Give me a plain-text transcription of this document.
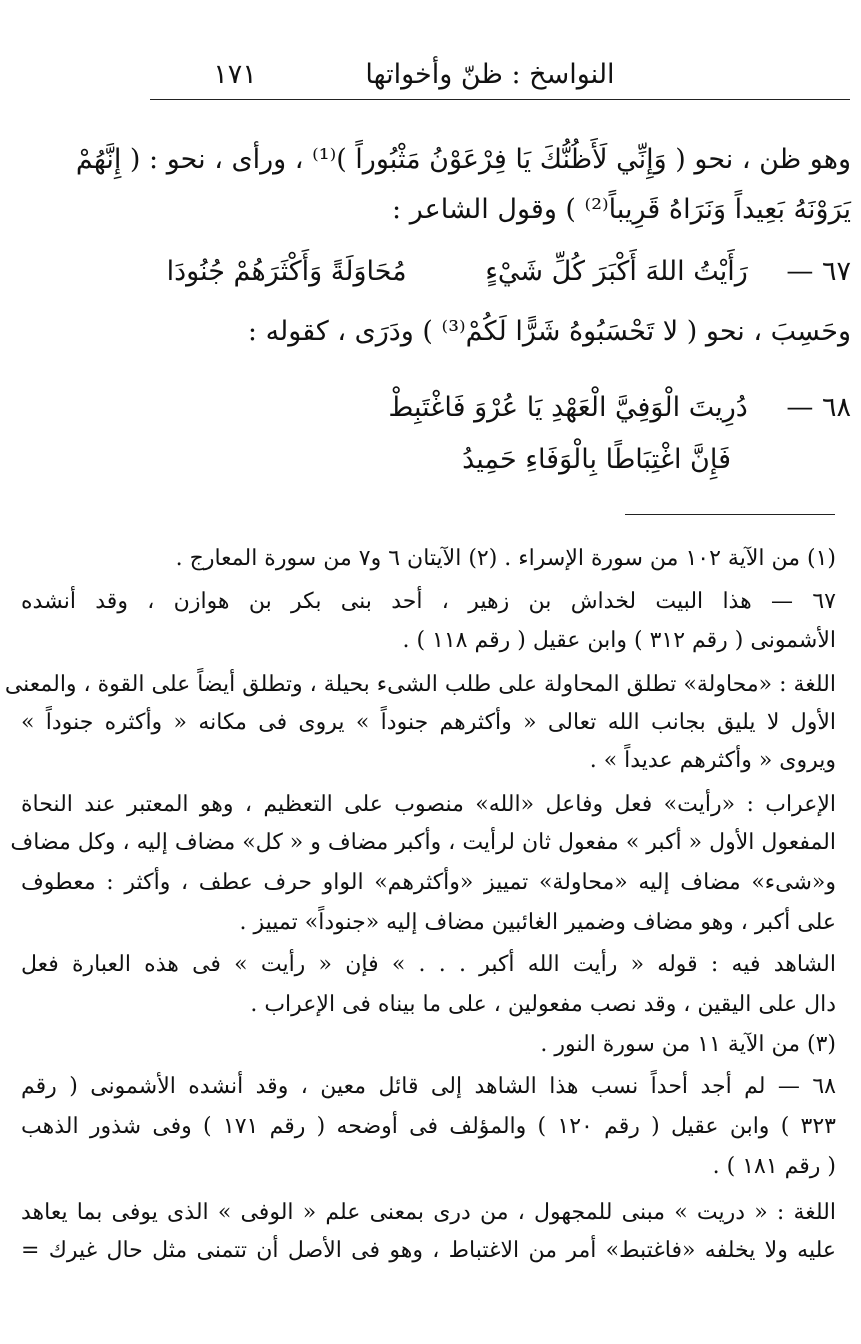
النواسخ : ظنّ وأخواتها
١٧١
وهو ظن ، نحو ( وَإِنِّي لَأَظُنُّكَ يَا فِرْعَوْنُ مَثْبُوراً )⁽¹⁾ ، ورأى ، نحو : ( إِنَّهُمْ
يَرَوْنَهُ بَعِيداً وَنَرَاهُ قَرِيباً⁽²⁾ ) وقول الشاعر :
٦٧ — رَأَيْتُ اللهَ أَكْبَرَ كُلِّ شَيْءٍ مُحَاوَلَةً وَأَكْثَرَهُمْ جُنُودَا
وحَسِبَ ، نحو ( لا تَحْسَبُوهُ شَرًّا لَكُمْ⁽³⁾ ) ودَرَى ، كقوله :
٦٨ — دُرِيتَ الْوَفِيَّ الْعَهْدِ يَا عُرْوَ فَاغْتَبِطْ
فَإِنَّ اغْتِبَاطًا بِالْوَفَاءِ حَمِيدُ
(١) من الآية ١٠٢ من سورة الإسراء . (٢) الآيتان ٦ و٧ من سورة المعارج .
٦٧ — هذا البيت لخداش بن زهير ، أحد بنى بكر بن هوازن ، وقد أنشده
الأشمونى ( رقم ٣١٢ ) وابن عقيل ( رقم ١١٨ ) .
اللغة : «محاولة» تطلق المحاولة على طلب الشىء بحيلة ، وتطلق أيضاً على القوة ، والمعنى
الأول لا يليق بجانب الله تعالى « وأكثرهم جنوداً » يروى فى مكانه « وأكثره جنوداً »
ويروى « وأكثرهم عديداً » .
الإعراب : «رأيت» فعل وفاعل «الله» منصوب على التعظيم ، وهو المعتبر عند النحاة
المفعول الأول « أكبر » مفعول ثان لرأيت ، وأكبر مضاف و « كل» مضاف إليه ، وكل مضاف
و«شىء» مضاف إليه «محاولة» تمييز «وأكثرهم» الواو حرف عطف ، وأكثر : معطوف
على أكبر ، وهو مضاف وضمير الغائبين مضاف إليه «جنوداً» تمييز .
الشاهد فيه : قوله « رأيت الله أكبر . . . » فإن « رأيت » فى هذه العبارة فعل
دال على اليقين ، وقد نصب مفعولين ، على ما بيناه فى الإعراب .
(٣) من الآية ١١ من سورة النور .
٦٨ — لم أجد أحداً نسب هذا الشاهد إلى قائل معين ، وقد أنشده الأشمونى ( رقم
٣٢٣ ) وابن عقيل ( رقم ١٢٠ ) والمؤلف فى أوضحه ( رقم ١٧١ ) وفى شذور الذهب
( رقم ١٨١ ) .
اللغة : « دريت » مبنى للمجهول ، من درى بمعنى علم « الوفى » الذى يوفى بما يعاهد
عليه ولا يخلفه «فاغتبط» أمر من الاغتباط ، وهو فى الأصل أن تتمنى مثل حال غيرك =
